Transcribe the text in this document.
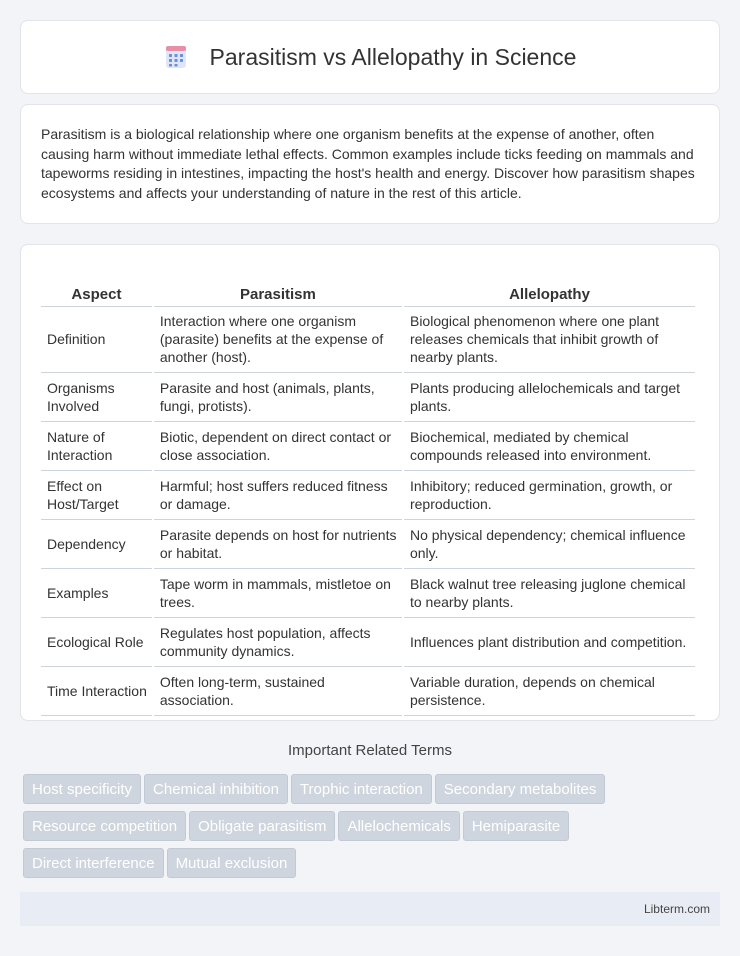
Parasitism vs Allelopathy in Science

Parasitism is a biological relationship where one organism benefits at the expense of another, often causing harm without immediate lethal effects. Common examples include ticks feeding on mammals and tapeworms residing in intestines, impacting the host's health and energy. Discover how parasitism shapes ecosystems and affects your understanding of nature in the rest of this article.

Aspect	Parasitism	Allelopathy
Definition	Interaction where one organism (parasite) benefits at the expense of another (host).	Biological phenomenon where one plant releases chemicals that inhibit growth of nearby plants.
Organisms Involved	Parasite and host (animals, plants, fungi, protists).	Plants producing allelochemicals and target plants.
Nature of Interaction	Biotic, dependent on direct contact or close association.	Biochemical, mediated by chemical compounds released into environment.
Effect on Host/Target	Harmful; host suffers reduced fitness or damage.	Inhibitory; reduced germination, growth, or reproduction.
Dependency	Parasite depends on host for nutrients or habitat.	No physical dependency; chemical influence only.
Examples	Tape worm in mammals, mistletoe on trees.	Black walnut tree releasing juglone chemical to nearby plants.
Ecological Role	Regulates host population, affects community dynamics.	Influences plant distribution and competition.
Time Interaction	Often long-term, sustained association.	Variable duration, depends on chemical persistence.
Important Related Terms
Host specificity Chemical inhibition Trophic interaction Secondary metabolites
Resource competition Obligate parasitism Allelochemicals Hemiparasite
Direct interference Mutual exclusion
Libterm.com
